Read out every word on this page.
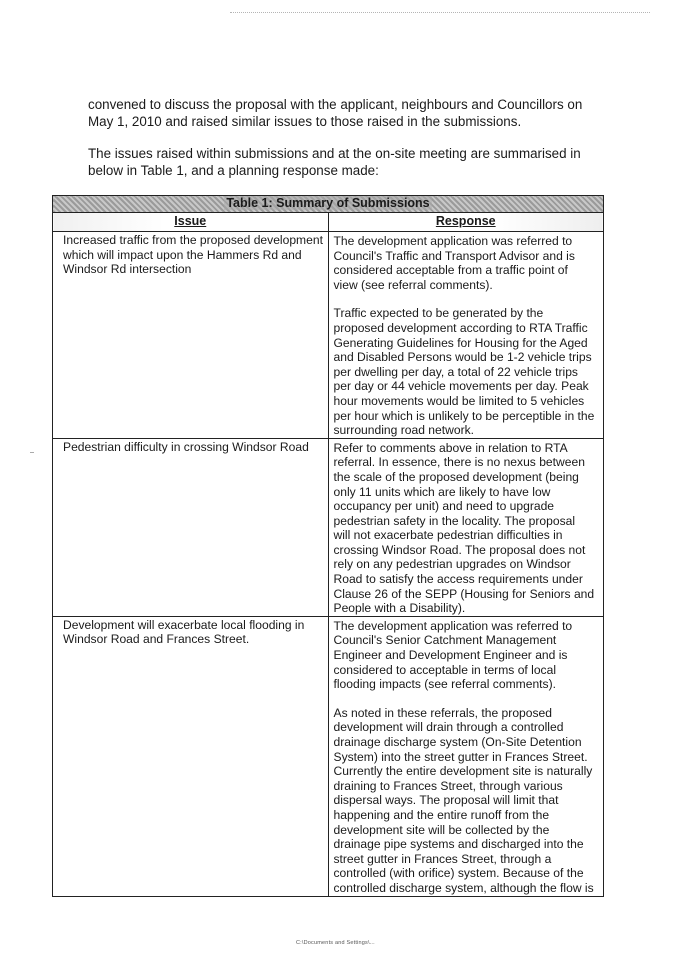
convened to discuss the proposal with the applicant, neighbours and Councillors on May 1, 2010 and raised similar issues to those raised in the submissions.

The issues raised within submissions and at the on-site meeting are summarised in below in Table 1, and a planning response made:

Table 1: Summary of Submissions	
Issue	Response
Increased traffic from the proposed development which will impact upon the Hammers Rd and Windsor Rd intersection	The development application was referred to Council's Traffic and Transport Advisor and is considered acceptable from a traffic point of view (see referral comments).

Traffic expected to be generated by the proposed development according to RTA Traffic Generating Guidelines for Housing for the Aged and Disabled Persons would be 1-2 vehicle trips per dwelling per day, a total of 22 vehicle trips per day or 44 vehicle movements per day. Peak hour movements would be limited to 5 vehicles per hour which is unlikely to be perceptible in the surrounding road network.

Pedestrian difficulty in crossing Windsor Road	Refer to comments above in relation to RTA referral. In essence, there is no nexus between the scale of the proposed development (being only 11 units which are likely to have low occupancy per unit) and need to upgrade pedestrian safety in the locality. The proposal will not exacerbate pedestrian difficulties in crossing Windsor Road. The proposal does not rely on any pedestrian upgrades on Windsor Road to satisfy the access requirements under Clause 26 of the SEPP (Housing for Seniors and People with a Disability).

Development will exacerbate local flooding in Windsor Road and Frances Street.	The development application was referred to Council's Senior Catchment Management Engineer and Development Engineer and is considered to acceptable in terms of local flooding impacts (see referral comments).

As noted in these referrals, the proposed development will drain through a controlled drainage discharge system (On-Site Detention System) into the street gutter in Frances Street. Currently the entire development site is naturally draining to Frances Street, through various dispersal ways. The proposal will limit that happening and the entire runoff from the development site will be collected by the drainage pipe systems and discharged into the street gutter in Frances Street, through a controlled (with orifice) system. Because of the controlled discharge system, although the flow is

C:\Documents and Settings\...
